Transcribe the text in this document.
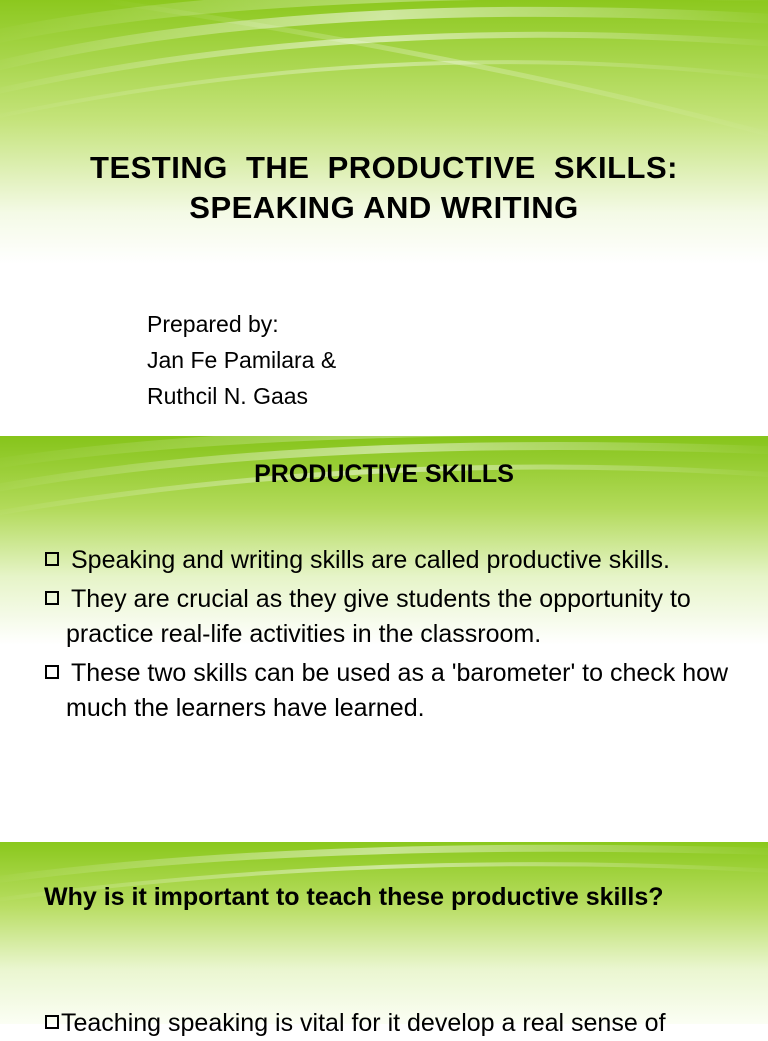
TESTING THE PRODUCTIVE SKILLS:
SPEAKING AND WRITING
Prepared by:
Jan Fe Pamilara &
Ruthcil N. Gaas
PRODUCTIVE SKILLS
Speaking and writing skills are called productive skills.
They are crucial as they give students the opportunity to practice real-life activities in the classroom.
These two skills can be used as a 'barometer' to check how much the learners have learned.
Why is it important to teach these productive skills?
Teaching speaking is vital for it develop a real sense of
